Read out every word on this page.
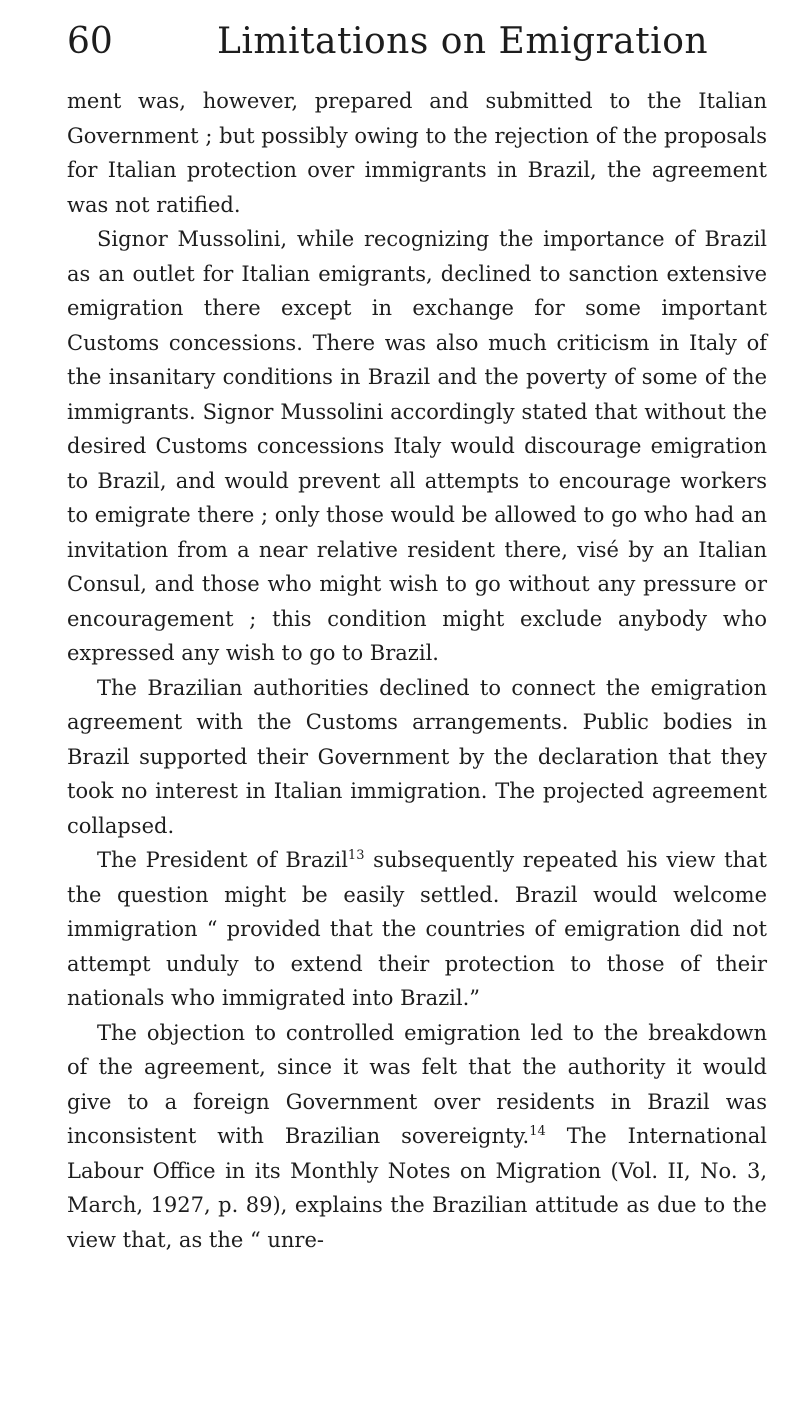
60	Limitations on Emigration

ment was, however, prepared and submitted to the Italian Government ; but possibly owing to the rejection of the proposals for Italian protection over immigrants in Brazil, the agreement was not ratified.

Signor Mussolini, while recognizing the importance of Brazil as an outlet for Italian emigrants, declined to sanction extensive emigration there except in exchange for some important Customs concessions. There was also much criticism in Italy of the insanitary conditions in Brazil and the poverty of some of the immigrants. Signor Mussolini accordingly stated that without the desired Customs concessions Italy would discourage emigration to Brazil, and would prevent all attempts to encourage workers to emigrate there ; only those would be allowed to go who had an invitation from a near relative resident there, visé by an Italian Consul, and those who might wish to go without any pressure or encouragement ; this condition might exclude anybody who expressed any wish to go to Brazil.

The Brazilian authorities declined to connect the emigration agreement with the Customs arrangements. Public bodies in Brazil supported their Government by the declaration that they took no interest in Italian immigration. The projected agreement collapsed.

The President of Brazil$^{13}$ subsequently repeated his view that the question might be easily settled. Brazil would welcome immigration “ provided that the countries of emigration did not attempt unduly to extend their protection to those of their nationals who immigrated into Brazil.”

The objection to controlled emigration led to the breakdown of the agreement, since it was felt that the authority it would give to a foreign Government over residents in Brazil was inconsistent with Brazilian sovereignty.$^{14}$ The International Labour Office in its Monthly Notes on Migration (Vol. II, No. 3, March, 1927, p. 89), explains the Brazilian attitude as due to the view that, as the “ unre-
